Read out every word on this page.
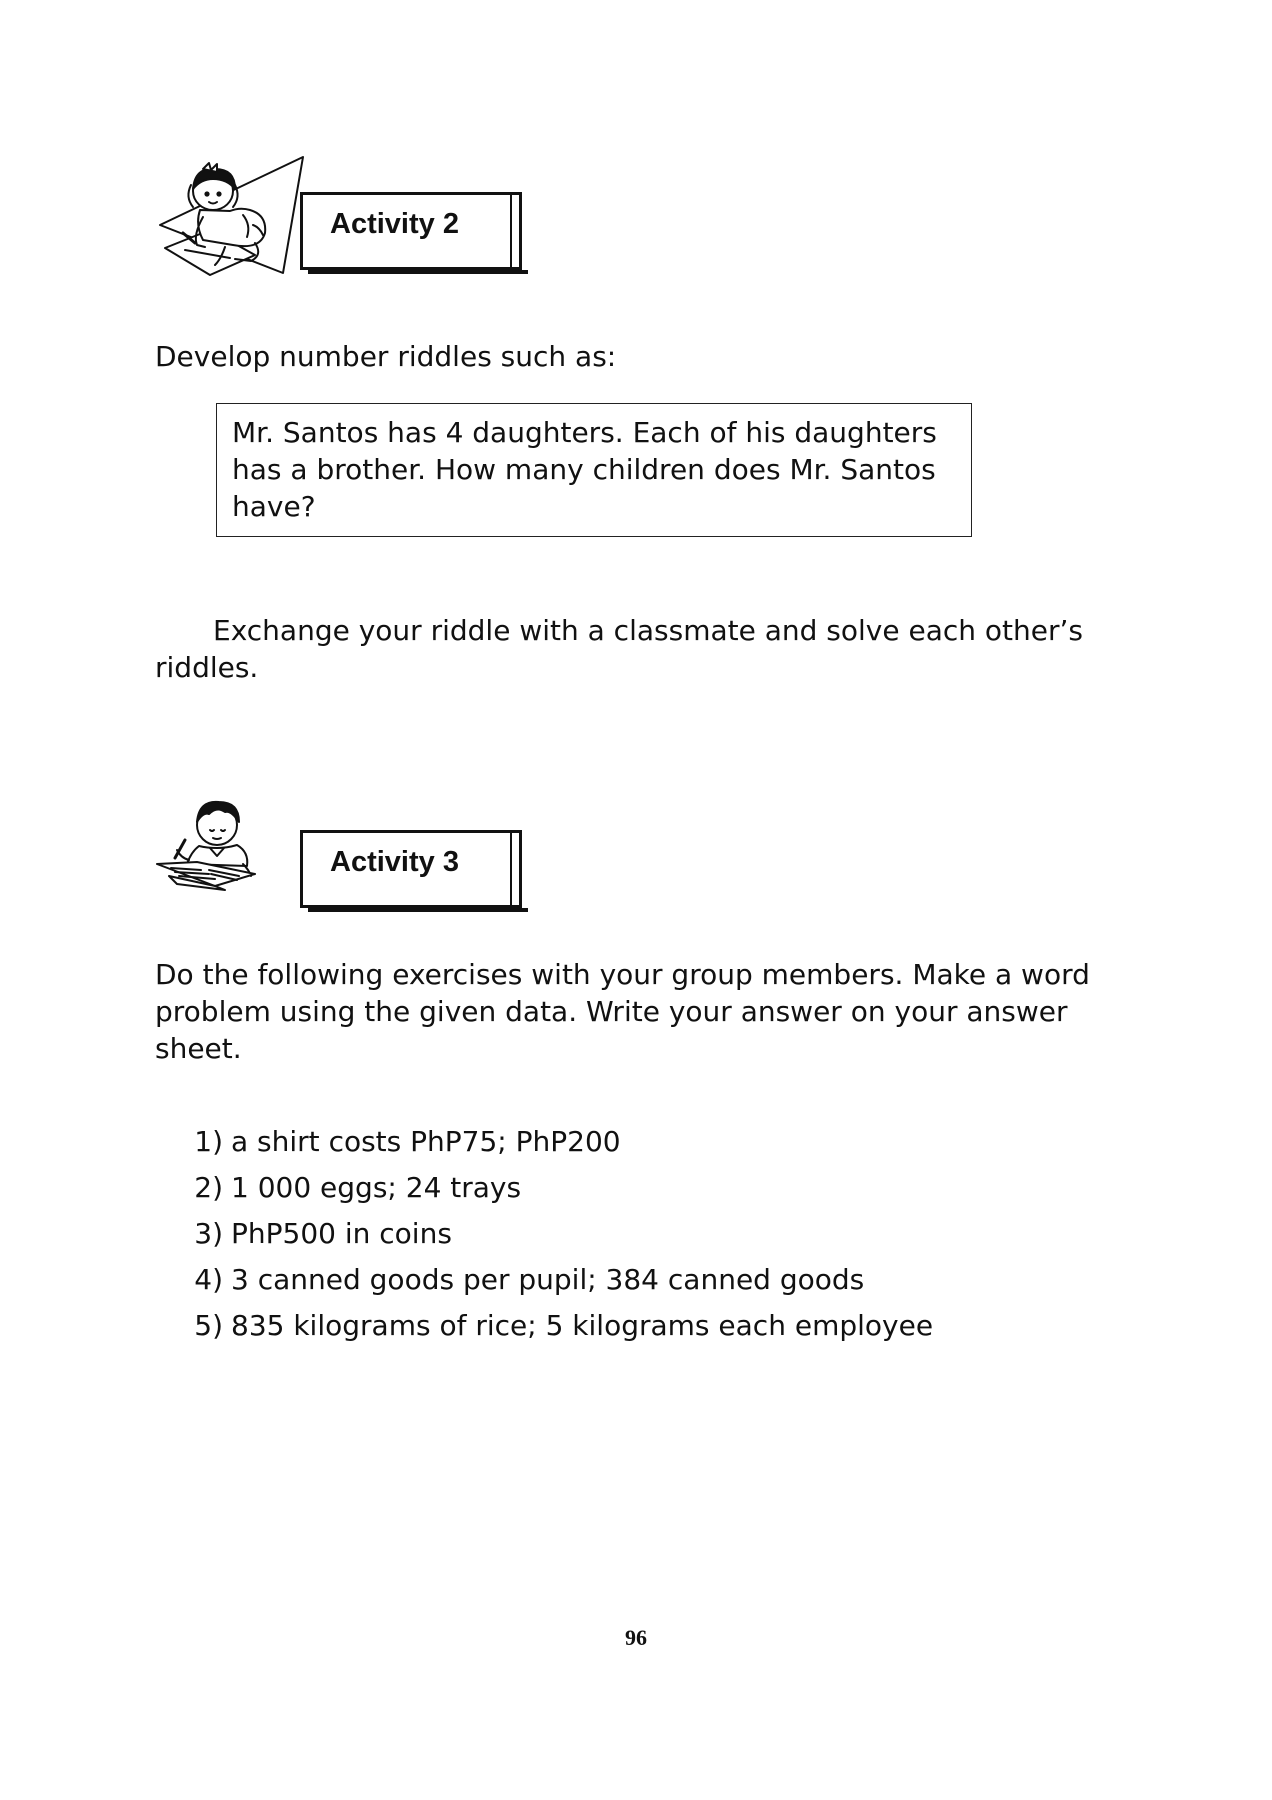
Activity 2
Develop number riddles such as:
Mr. Santos has 4 daughters. Each of his daughters has a brother. How many children does Mr. Santos have?
Exchange your riddle with a classmate and solve each other’s riddles.
Activity 3
Do the following exercises with your group members. Make a word problem using the given data. Write your answer on your answer sheet.
1) a shirt costs PhP75; PhP200
2) 1 000 eggs; 24 trays
3) PhP500 in coins
4) 3 canned goods per pupil; 384 canned goods
5) 835 kilograms of rice; 5 kilograms each employee
96
